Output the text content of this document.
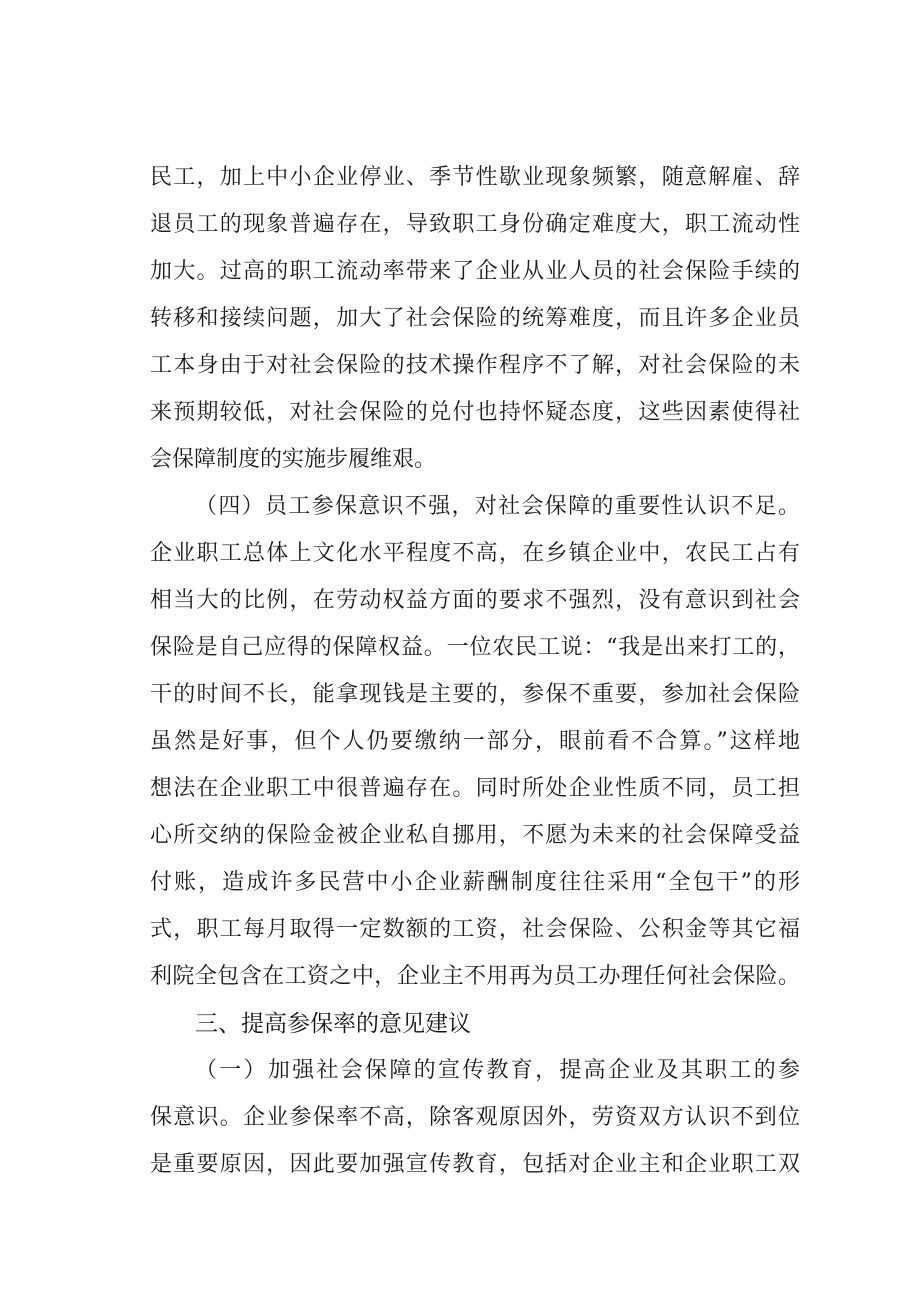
民工，加上中小企业停业、季节性歇业现象频繁，随意解雇、辞
退员工的现象普遍存在，导致职工身份确定难度大，职工流动性
加大。过高的职工流动率带来了企业从业人员的社会保险手续的
转移和接续问题，加大了社会保险的统筹难度，而且许多企业员
工本身由于对社会保险的技术操作程序不了解，对社会保险的未
来预期较低，对社会保险的兑付也持怀疑态度，这些因素使得社
会保障制度的实施步履维艰。
（四）员工参保意识不强，对社会保障的重要性认识不足。
企业职工总体上文化水平程度不高，在乡镇企业中，农民工占有
相当大的比例，在劳动权益方面的要求不强烈，没有意识到社会
保险是自己应得的保障权益。一位农民工说：“我是出来打工的，
干的时间不长，能拿现钱是主要的，参保不重要，参加社会保险
虽然是好事，但个人仍要缴纳一部分，眼前看不合算。”这样地
想法在企业职工中很普遍存在。同时所处企业性质不同，员工担
心所交纳的保险金被企业私自挪用，不愿为未来的社会保障受益
付账，造成许多民营中小企业薪酬制度往往采用“全包干”的形
式，职工每月取得一定数额的工资，社会保险、公积金等其它福
利院全包含在工资之中，企业主不用再为员工办理任何社会保险。
三、提高参保率的意见建议
（一）加强社会保障的宣传教育，提高企业及其职工的参
保意识。企业参保率不高，除客观原因外，劳资双方认识不到位
是重要原因，因此要加强宣传教育，包括对企业主和企业职工双
